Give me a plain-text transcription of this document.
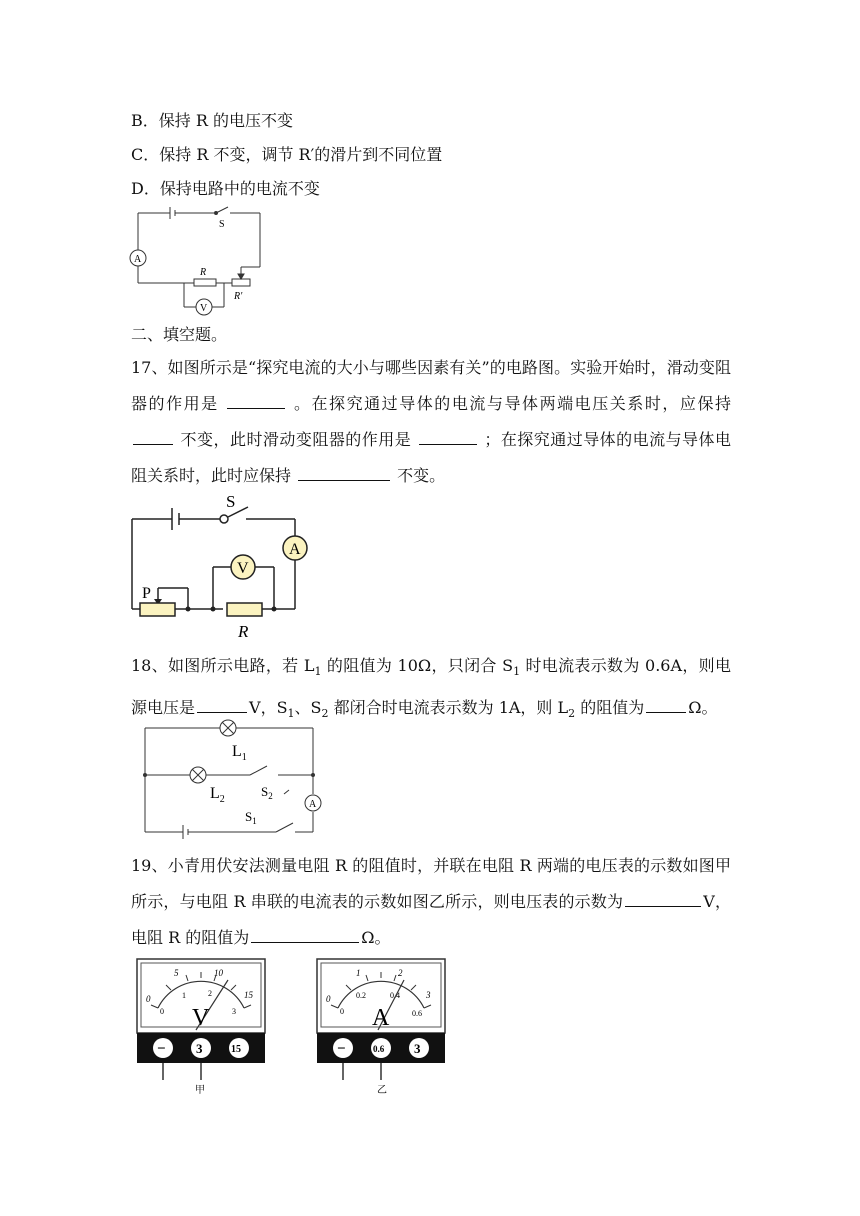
B．保持 R 的电压不变
C．保持 R 不变，调节 R′的滑片到不同位置
D．保持电路中的电流不变
A
S
R
R'
V
二、填空题。
17、如图所示是“探究电流的大小与哪些因素有关”的电路图。实验开始时，滑动变阻器的作用是	。在探究通过导体的电流与导体两端电压关系时，应保持  不变，此时滑动变阻器的作用是	；在探究通过导体的电流与导体电阻关系时，此时应保持	不变。
S
A
V
P
R
18、如图所示电路，若 $L_1$ 的阻值为 10Ω，只闭合 $S_1$ 时电流表示数为 0.6A，则电源电压是	V，$S_1$、$S_2$ 都闭合时电流表示数为 1A，则 $L_2$ 的阻值为	Ω。
$L_1$
$L_2$
$S_2$
$S_1$
A
19、小青用伏安法测量电阻 R 的阻值时，并联在电阻 R 两端的电压表的示数如图甲所示，与电阻 R 串联的电流表的示数如图乙所示，则电压表的示数为	V，电阻 R 的阻值为	Ω。
0
5	10
15
0
1	2
3
V
− 3	15
甲
0
1	2
3
0
0.2	0.4
0.6
A
−	0.6 3
乙
